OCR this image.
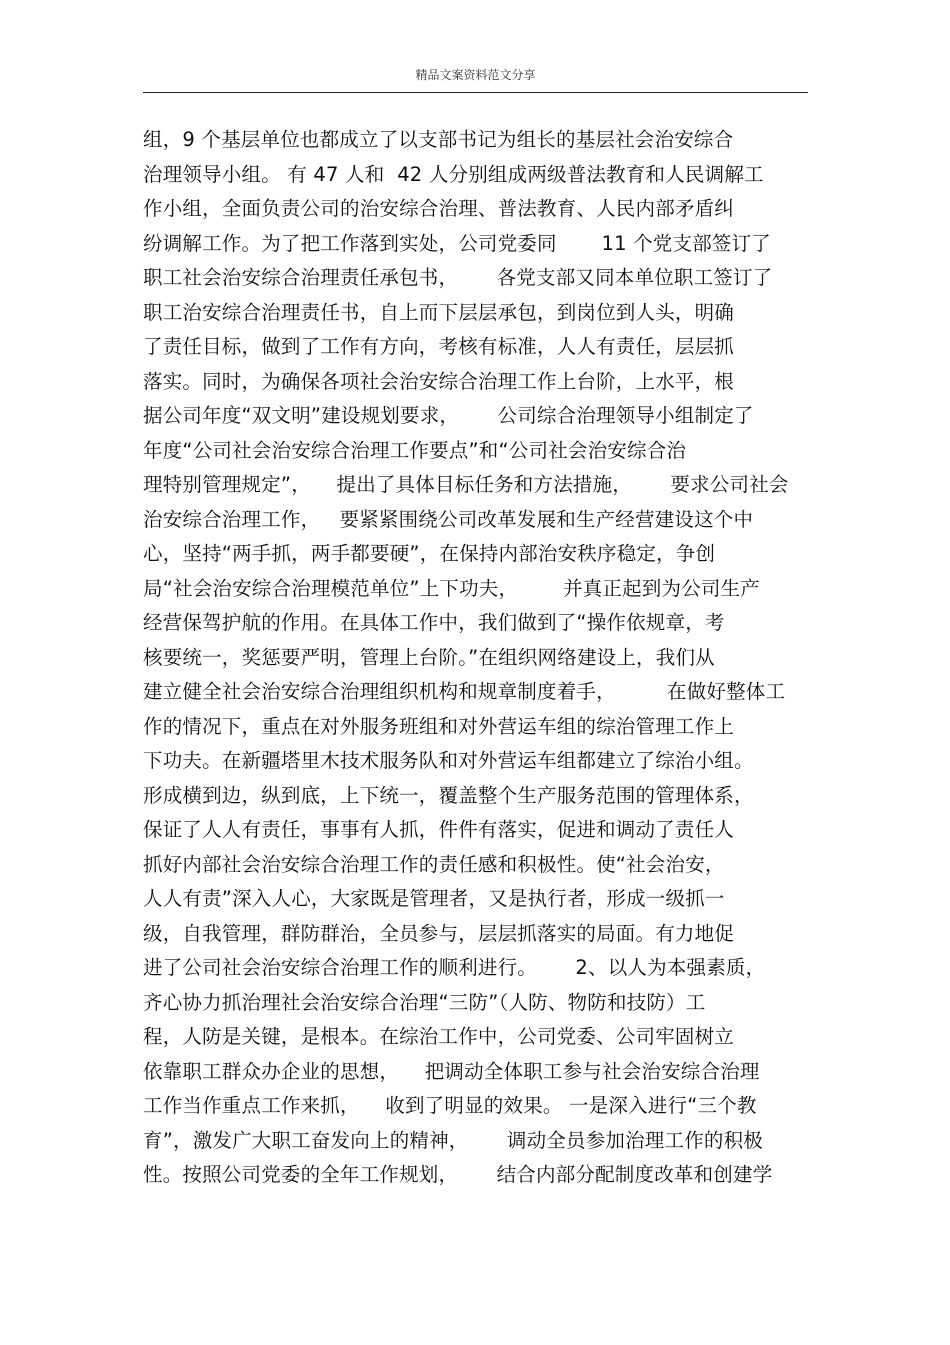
精品文案资料范文分享
组，9 个基层单位也都成立了以支部书记为组长的基层社会治安综合
治理领导小组。 有 47 人和  42 人分别组成两级普法教育和人民调解工
作小组，全面负责公司的治安综合治理、普法教育、人民内部矛盾纠
纷调解工作。为了把工作落到实处，公司党委同       11 个党支部签订了
职工社会治安综合治理责任承包书，      各党支部又同本单位职工签订了
职工治安综合治理责任书，自上而下层层承包，到岗位到人头，明确
了责任目标，做到了工作有方向，考核有标准，人人有责任，层层抓
落实。同时，为确保各项社会治安综合治理工作上台阶，上水平，根
据公司年度“双文明”建设规划要求，      公司综合治理领导小组制定了
年度“公司社会治安综合治理工作要点”和“公司社会治安综合治
理特别管理规定”，    提出了具体目标任务和方法措施，      要求公司社会
治安综合治理工作，   要紧紧围绕公司改革发展和生产经营建设这个中
心，坚持“两手抓，两手都要硬”，在保持内部治安秩序稳定，争创
局“社会治安综合治理模范单位”上下功夫，       并真正起到为公司生产
经营保驾护航的作用。在具体工作中，我们做到了“操作依规章，考
核要统一，奖惩要严明，管理上台阶。”在组织网络建设上，我们从
建立健全社会治安综合治理组织机构和规章制度着手，        在做好整体工
作的情况下，重点在对外服务班组和对外营运车组的综治管理工作上
下功夫。在新疆塔里木技术服务队和对外营运车组都建立了综治小组。
形成横到边，纵到底，上下统一，覆盖整个生产服务范围的管理体系，
保证了人人有责任，事事有人抓，件件有落实，促进和调动了责任人
抓好内部社会治安综合治理工作的责任感和积极性。使“社会治安，
人人有责”深入人心，大家既是管理者，又是执行者，形成一级抓一
级，自我管理，群防群治，全员参与，层层抓落实的局面。有力地促
进了公司社会治安综合治理工作的顺利进行。      2、以人为本强素质，
齐心协力抓治理社会治安综合治理“三防”（人防、物防和技防）工
程，人防是关键，是根本。在综治工作中，公司党委、公司牢固树立
依靠职工群众办企业的思想，    把调动全体职工参与社会治安综合治理
工作当作重点工作来抓，    收到了明显的效果。 一是深入进行“三个教
育”，激发广大职工奋发向上的精神，      调动全员参加治理工作的积极
性。按照公司党委的全年工作规划，      结合内部分配制度改革和创建学
